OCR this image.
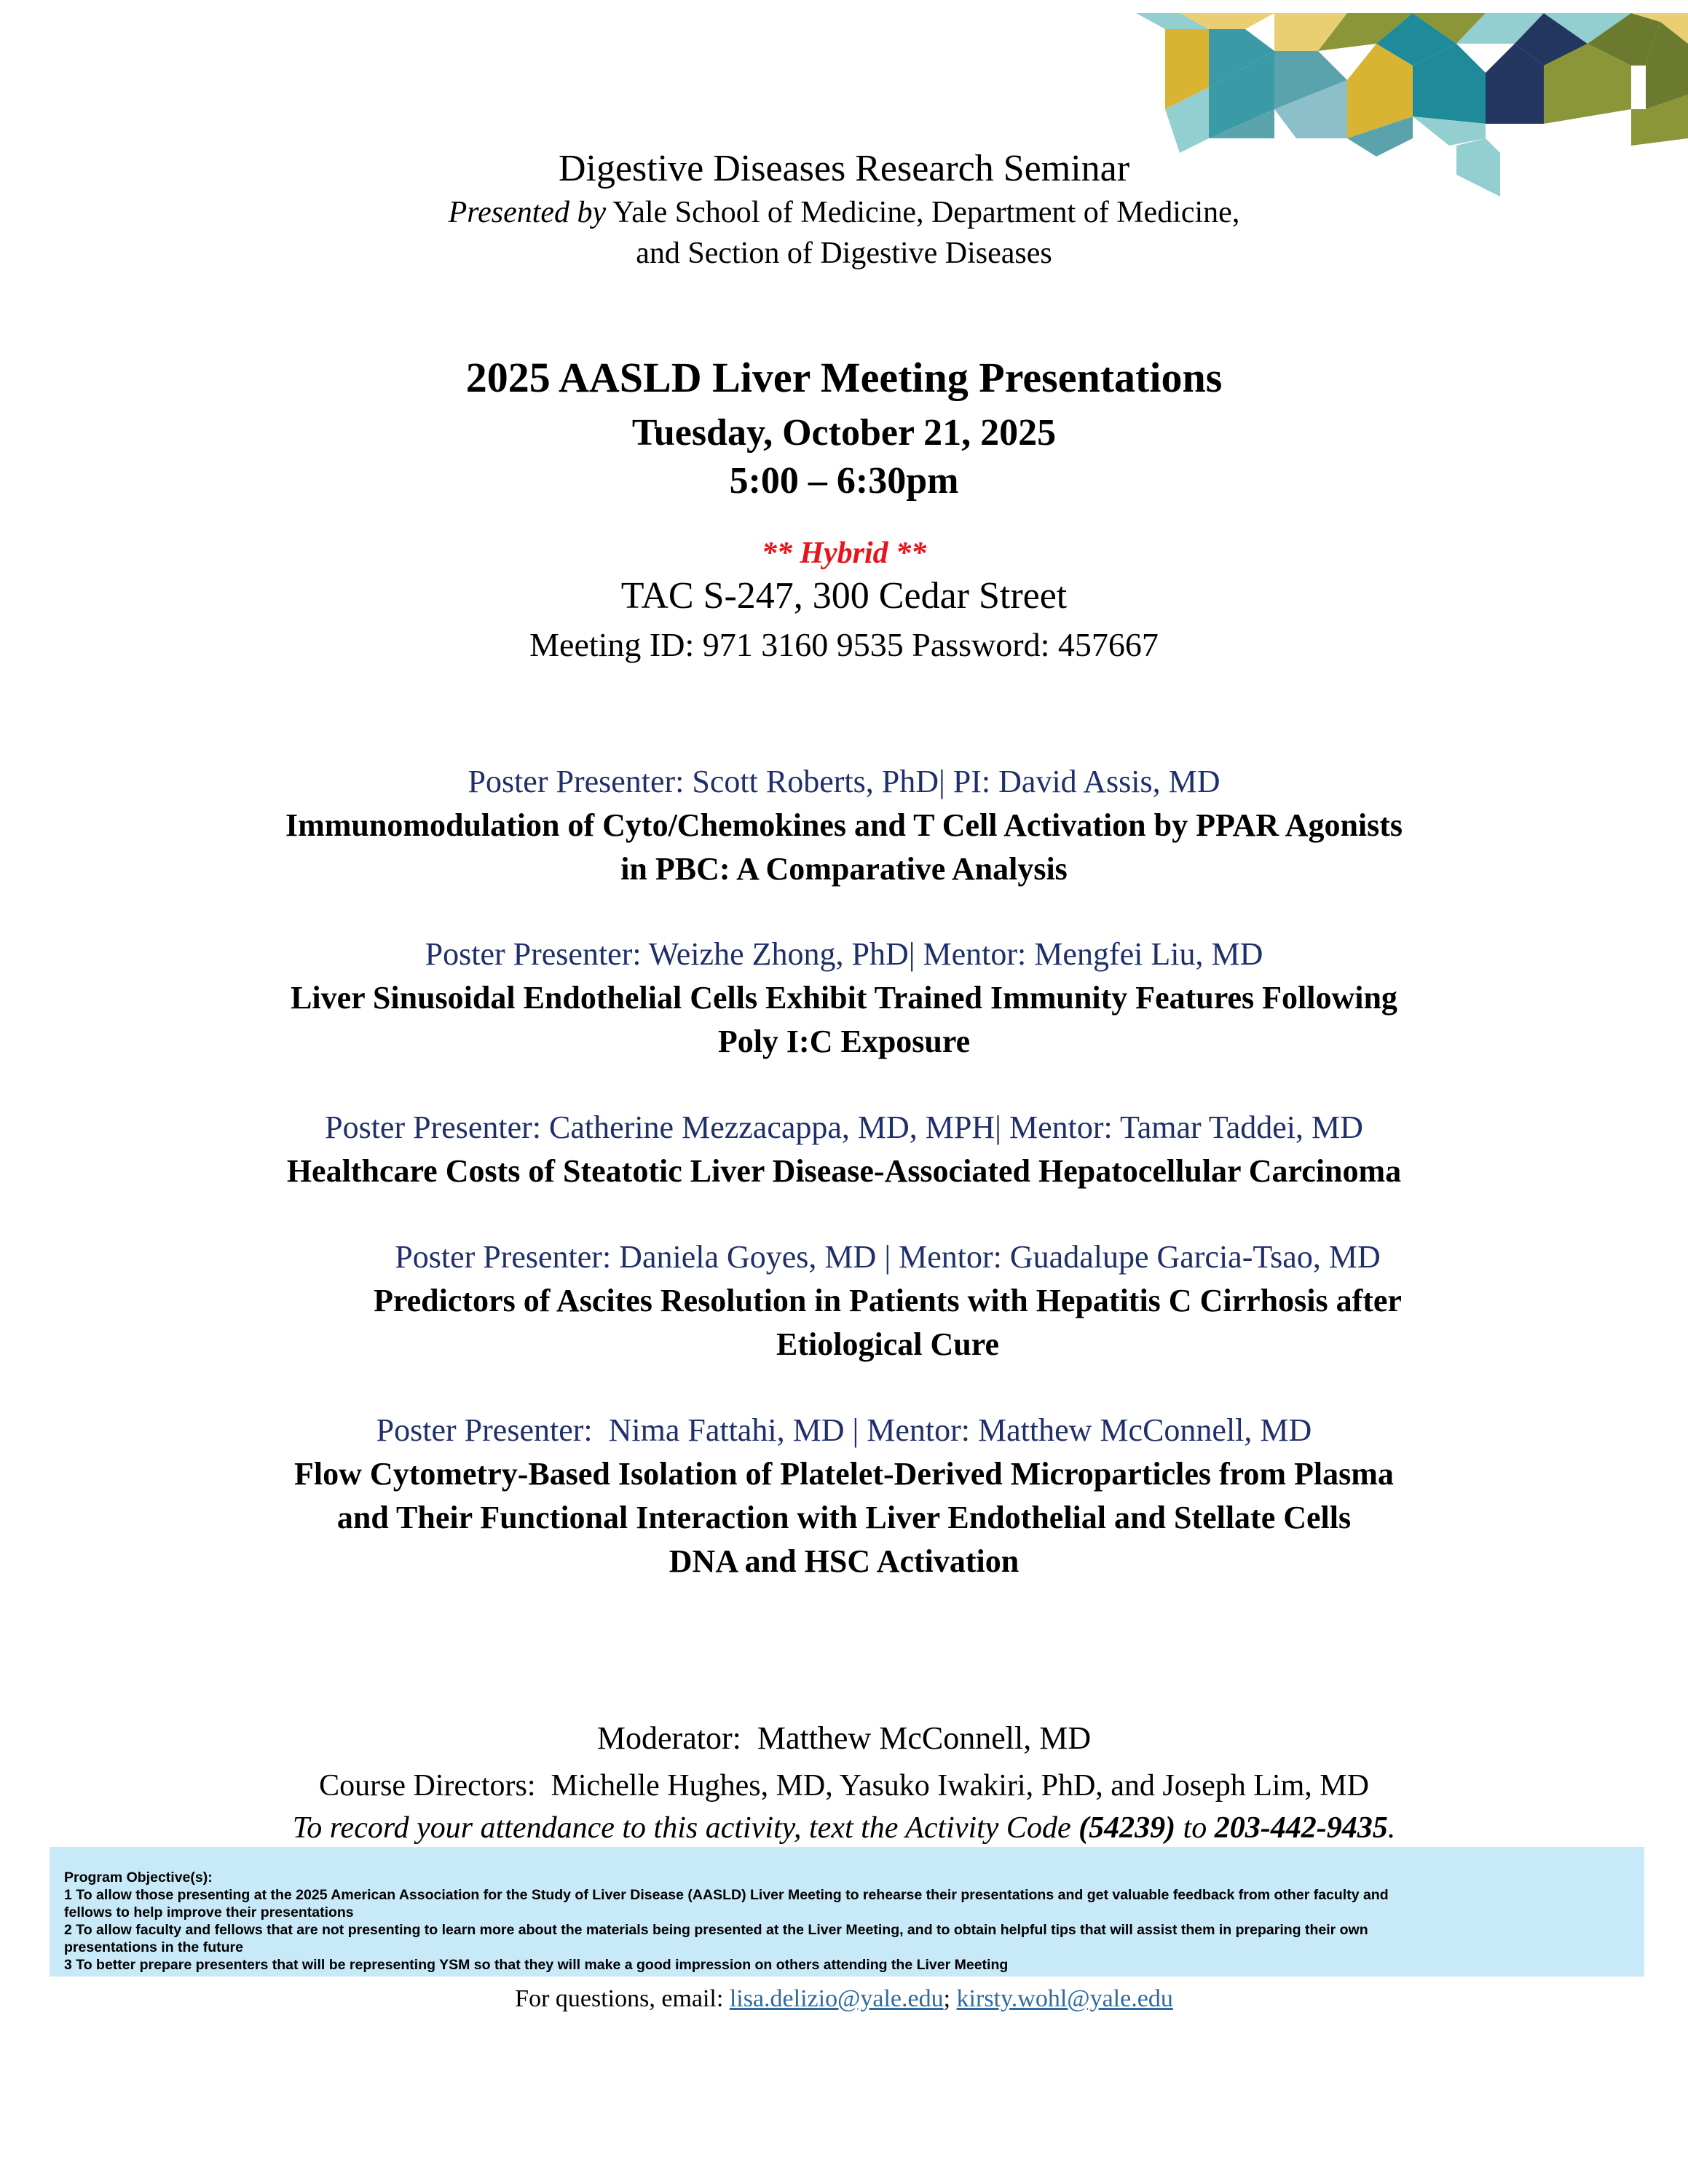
Digestive Diseases Research Seminar
Presented by Yale School of Medicine, Department of Medicine,
and Section of Digestive Diseases
2025 AASLD Liver Meeting Presentations
Tuesday, October 21, 2025
5:00 – 6:30pm
** Hybrid **
TAC S-247, 300 Cedar Street
Meeting ID: 971 3160 9535 Password: 457667
Poster Presenter: Scott Roberts, PhD| PI: David Assis, MD
Immunomodulation of Cyto/Chemokines and T Cell Activation by PPAR Agonists
in PBC: A Comparative Analysis
Poster Presenter: Weizhe Zhong, PhD| Mentor: Mengfei Liu, MD
Liver Sinusoidal Endothelial Cells Exhibit Trained Immunity Features Following
Poly I:C Exposure
Poster Presenter: Catherine Mezzacappa, MD, MPH| Mentor: Tamar Taddei, MD
Healthcare Costs of Steatotic Liver Disease-Associated Hepatocellular Carcinoma
Poster Presenter: Daniela Goyes, MD | Mentor: Guadalupe Garcia-Tsao, MD
Predictors of Ascites Resolution in Patients with Hepatitis C Cirrhosis after
Etiological Cure
Poster Presenter:  Nima Fattahi, MD | Mentor: Matthew McConnell, MD
Flow Cytometry-Based Isolation of Platelet-Derived Microparticles from Plasma
and Their Functional Interaction with Liver Endothelial and Stellate Cells
DNA and HSC Activation
Moderator:  Matthew McConnell, MD
Course Directors:  Michelle Hughes, MD, Yasuko Iwakiri, PhD, and Joseph Lim, MD
To record your attendance to this activity, text the Activity Code (54239) to 203-442-9435.
Program Objective(s):
1 To allow those presenting at the 2025 American Association for the Study of Liver Disease (AASLD) Liver Meeting to rehearse their presentations and get valuable feedback from other faculty and
fellows to help improve their presentations
2 To allow faculty and fellows that are not presenting to learn more about the materials being presented at the Liver Meeting, and to obtain helpful tips that will assist them in preparing their own
presentations in the future
3 To better prepare presenters that will be representing YSM so that they will make a good impression on others attending the Liver Meeting
For questions, email: lisa.delizio@yale.edu; kirsty.wohl@yale.edu
